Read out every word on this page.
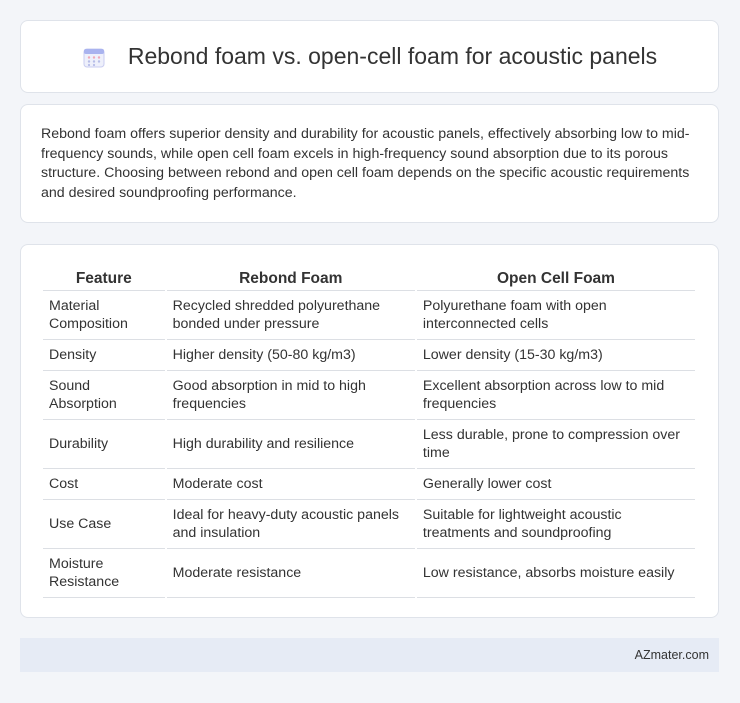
Rebond foam vs. open-cell foam for acoustic panels

Rebond foam offers superior density and durability for acoustic panels, effectively absorbing low to mid-frequency sounds, while open cell foam excels in high-frequency sound absorption due to its porous structure. Choosing between rebond and open cell foam depends on the specific acoustic requirements and desired soundproofing performance.

Feature	Rebond Foam	Open Cell Foam
Material Composition	Recycled shredded polyurethane bonded under pressure	Polyurethane foam with open interconnected cells
Density	Higher density (50-80 kg/m3)	Lower density (15-30 kg/m3)
Sound Absorption	Good absorption in mid to high frequencies	Excellent absorption across low to mid frequencies
Durability	High durability and resilience	Less durable, prone to compression over time
Cost	Moderate cost	Generally lower cost
Use Case	Ideal for heavy-duty acoustic panels and insulation	Suitable for lightweight acoustic treatments and soundproofing
Moisture Resistance	Moderate resistance	Low resistance, absorbs moisture easily
AZmater.com
